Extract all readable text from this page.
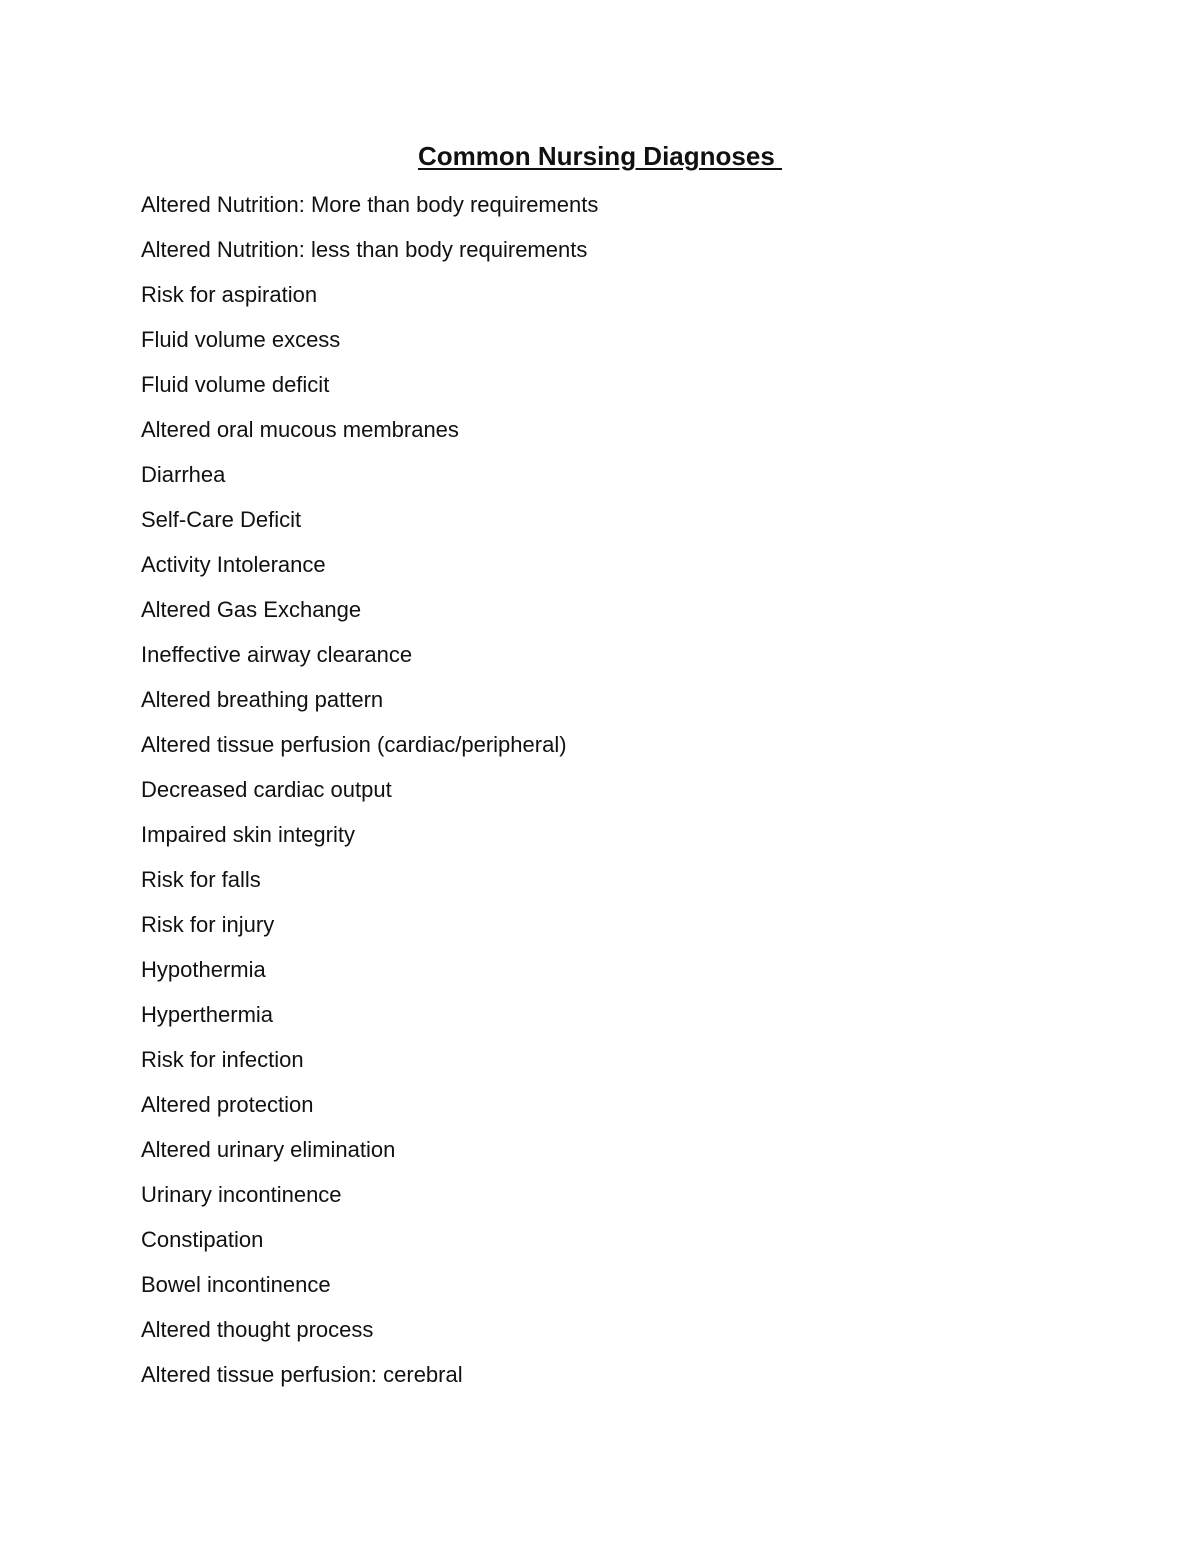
Common Nursing Diagnoses
Altered Nutrition: More than body requirements
Altered Nutrition: less than body requirements
Risk for aspiration
Fluid volume excess
Fluid volume deficit
Altered oral mucous membranes
Diarrhea
Self-Care Deficit
Activity Intolerance
Altered Gas Exchange
Ineffective airway clearance
Altered breathing pattern
Altered tissue perfusion (cardiac/peripheral)
Decreased cardiac output
Impaired skin integrity
Risk for falls
Risk for injury
Hypothermia
Hyperthermia
Risk for infection
Altered protection
Altered urinary elimination
Urinary incontinence
Constipation
Bowel incontinence
Altered thought process
Altered tissue perfusion: cerebral
